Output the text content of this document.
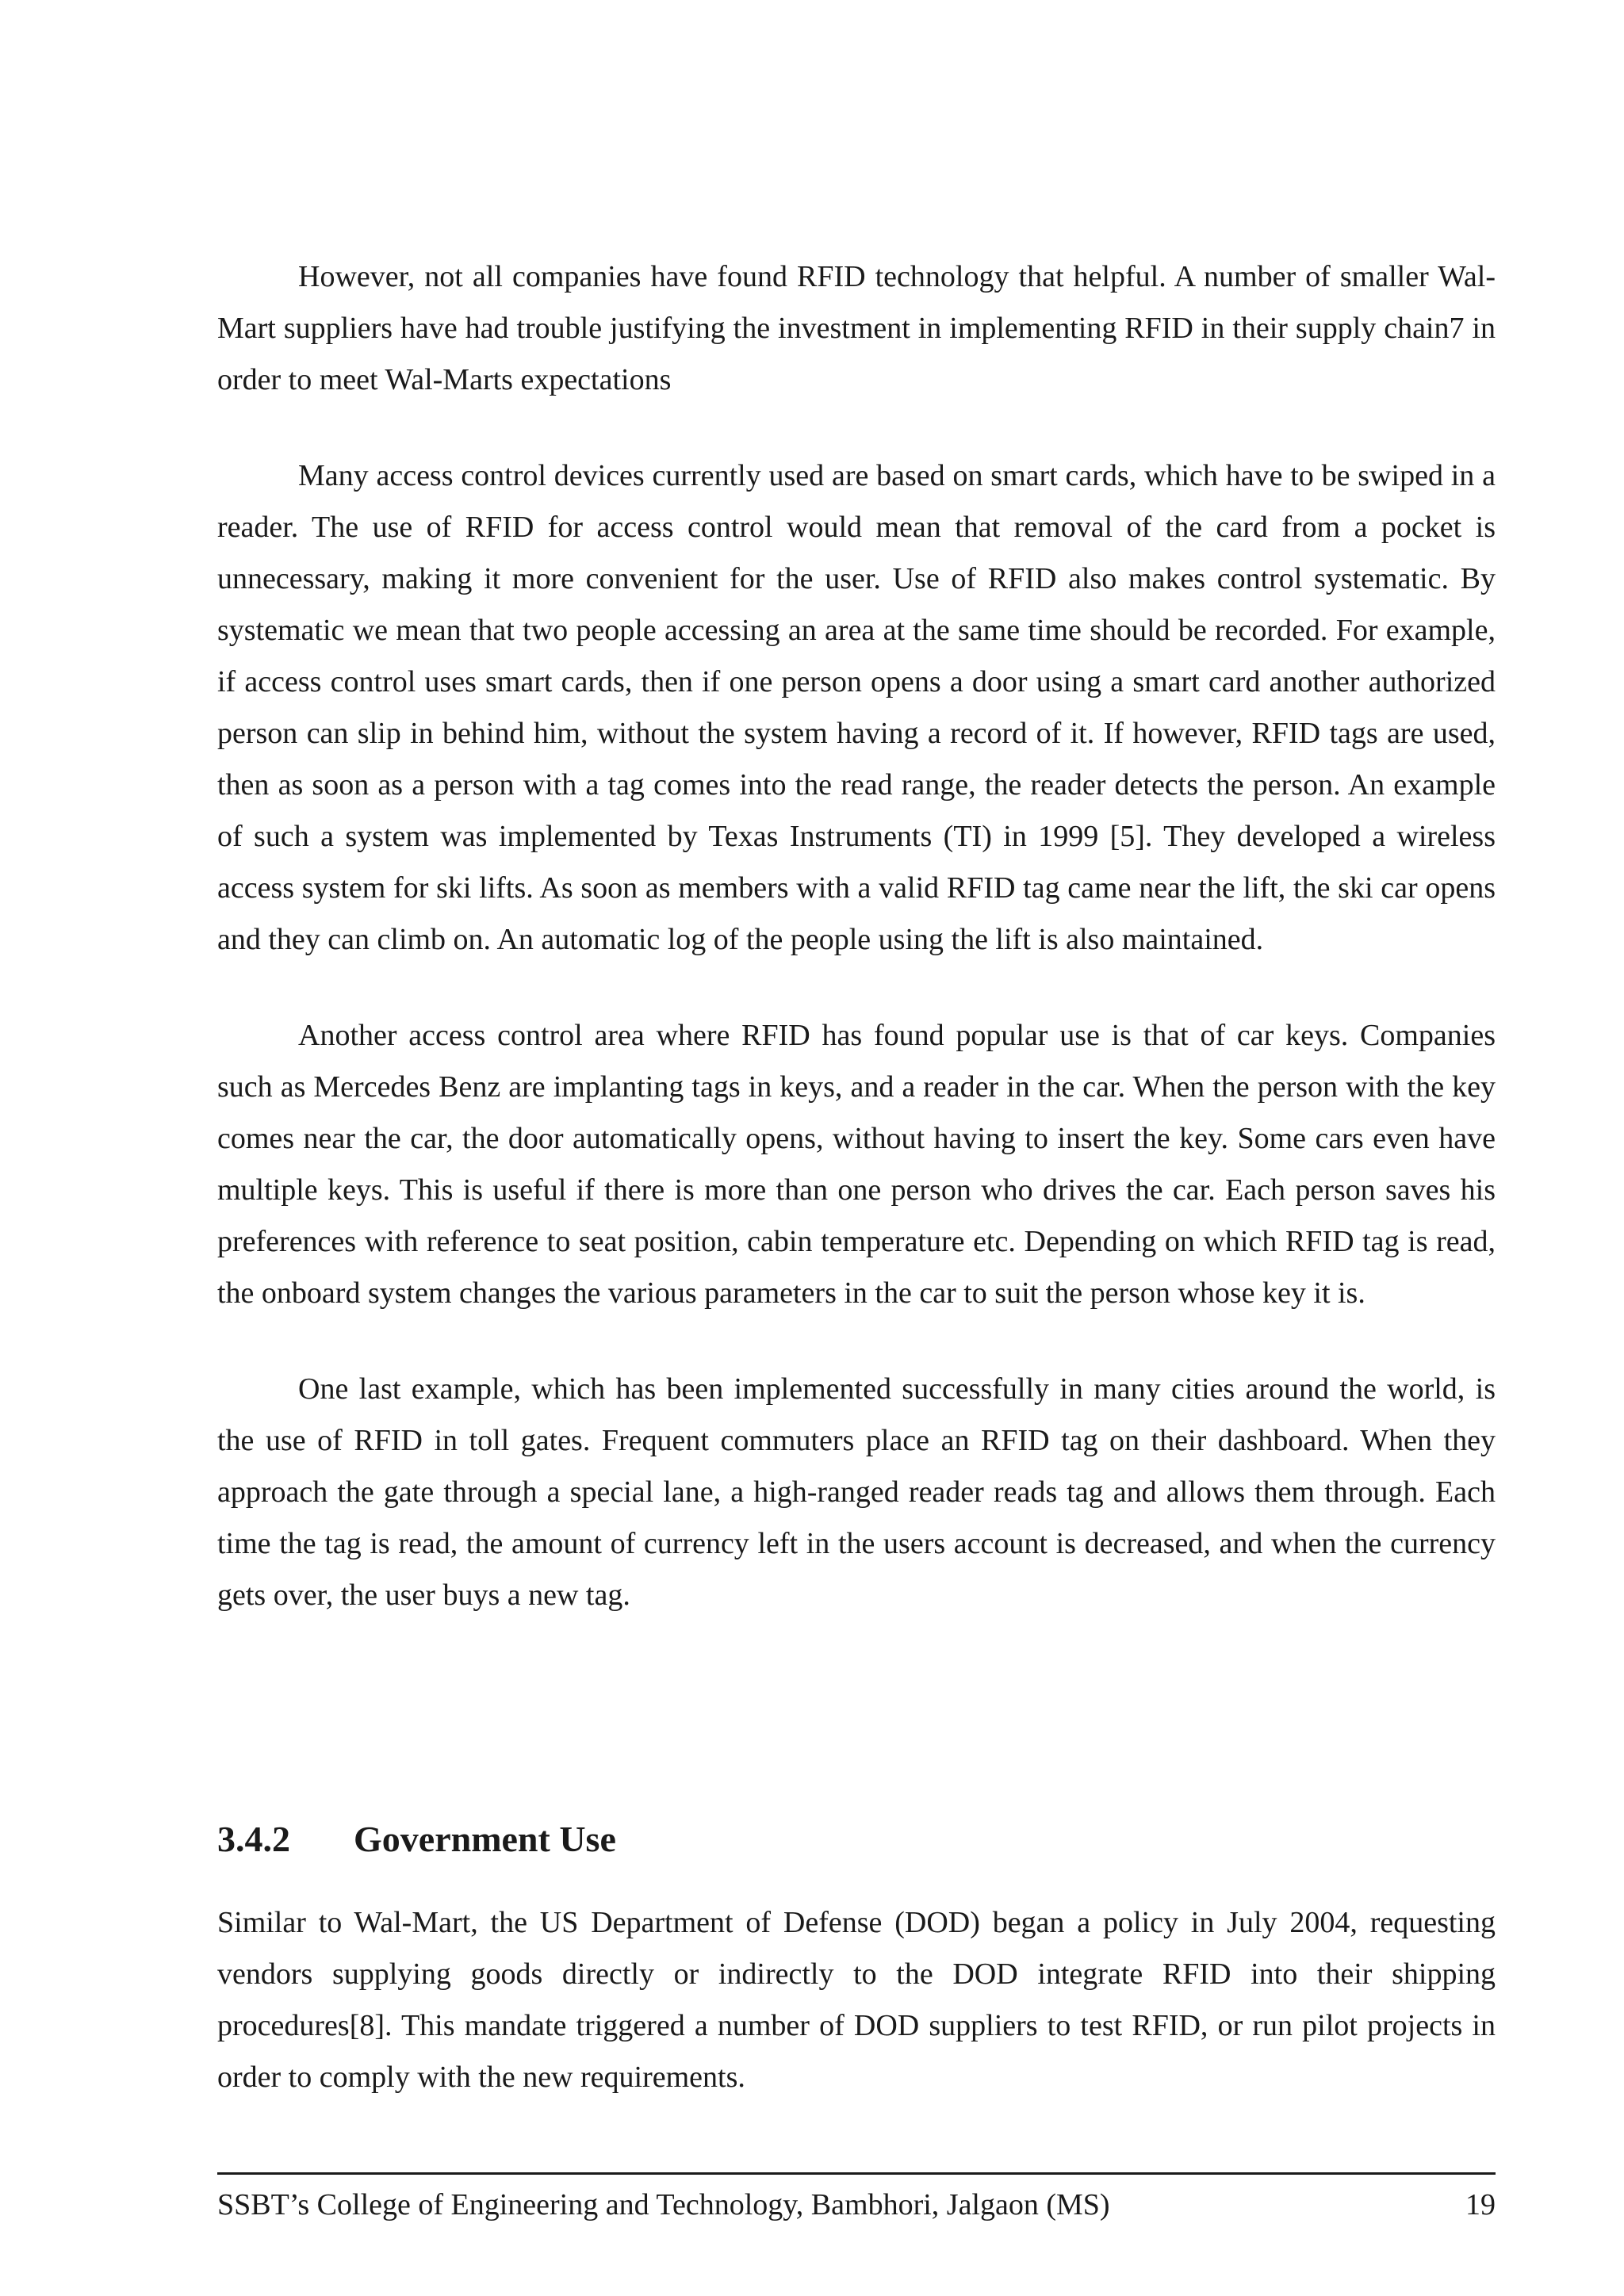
However, not all companies have found RFID technology that helpful. A number of smaller Wal-Mart suppliers have had trouble justifying the investment in implementing RFID in their supply chain7 in order to meet Wal-Marts expectations

Many access control devices currently used are based on smart cards, which have to be swiped in a reader. The use of RFID for access control would mean that removal of the card from a pocket is unnecessary, making it more convenient for the user. Use of RFID also makes control systematic. By systematic we mean that two people accessing an area at the same time should be recorded. For example, if access control uses smart cards, then if one person opens a door using a smart card another authorized person can slip in behind him, without the system having a record of it. If however, RFID tags are used, then as soon as a person with a tag comes into the read range, the reader detects the person. An example of such a system was implemented by Texas Instruments (TI) in 1999 [5]. They developed a wireless access system for ski lifts. As soon as members with a valid RFID tag came near the lift, the ski car opens and they can climb on. An automatic log of the people using the lift is also maintained.

Another access control area where RFID has found popular use is that of car keys. Companies such as Mercedes Benz are implanting tags in keys, and a reader in the car. When the person with the key comes near the car, the door automatically opens, without having to insert the key. Some cars even have multiple keys. This is useful if there is more than one person who drives the car. Each person saves his preferences with reference to seat position, cabin temperature etc. Depending on which RFID tag is read, the onboard system changes the various parameters in the car to suit the person whose key it is.

One last example, which has been implemented successfully in many cities around the world, is the use of RFID in toll gates. Frequent commuters place an RFID tag on their dashboard. When they approach the gate through a special lane, a high-ranged reader reads tag and allows them through. Each time the tag is read, the amount of currency left in the users account is decreased, and when the currency gets over, the user buys a new tag.

3.4.2 Government Use

Similar to Wal-Mart, the US Department of Defense (DOD) began a policy in July 2004, requesting vendors supplying goods directly or indirectly to the DOD integrate RFID into their shipping procedures[8]. This mandate triggered a number of DOD suppliers to test RFID, or run pilot projects in order to comply with the new requirements.

SSBT’s College of Engineering and Technology, Bambhori, Jalgaon (MS)	19
